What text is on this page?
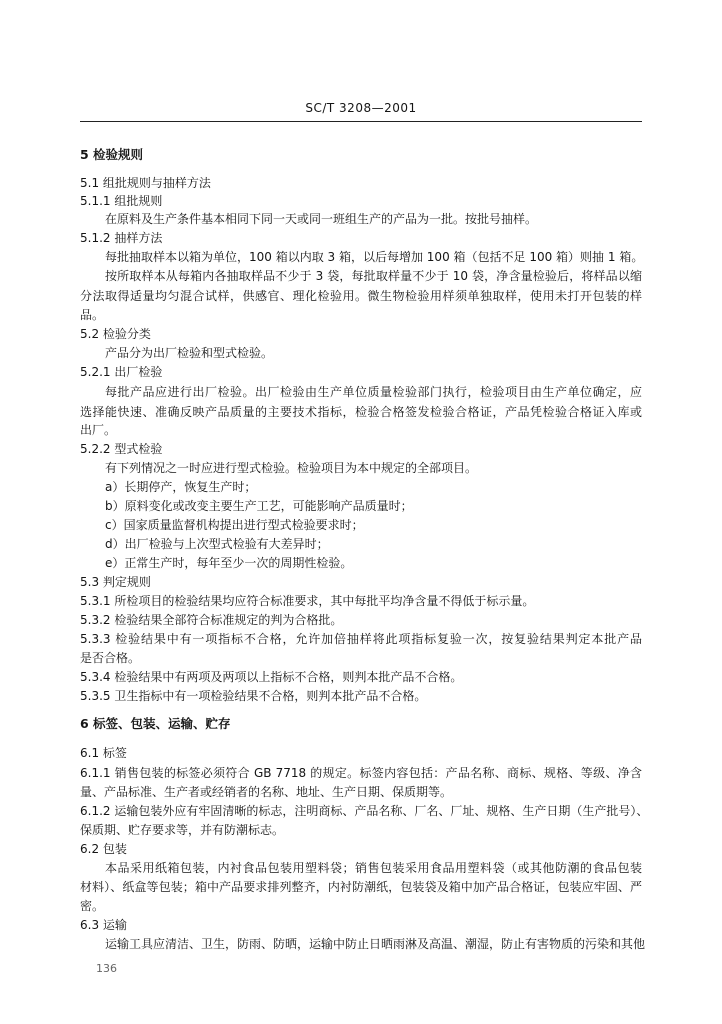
SC/T 3208—2001
5 检验规则
5.1 组批规则与抽样方法
5.1.1 组批规则
在原料及生产条件基本相同下同一天或同一班组生产的产品为一批。按批号抽样。
5.1.2 抽样方法
每批抽取样本以箱为单位，100 箱以内取 3 箱，以后每增加 100 箱（包括不足 100 箱）则抽 1 箱。
按所取样本从每箱内各抽取样品不少于 3 袋，每批取样量不少于 10 袋，净含量检验后，将样品以缩
分法取得适量均匀混合试样，供感官、理化检验用。微生物检验用样须单独取样，使用未打开包装的样
品。
5.2 检验分类
产品分为出厂检验和型式检验。
5.2.1 出厂检验
每批产品应进行出厂检验。出厂检验由生产单位质量检验部门执行，检验项目由生产单位确定，应
选择能快速、准确反映产品质量的主要技术指标，检验合格签发检验合格证，产品凭检验合格证入库或
出厂。
5.2.2 型式检验
有下列情况之一时应进行型式检验。检验项目为本中规定的全部项目。
a）长期停产，恢复生产时；
b）原料变化或改变主要生产工艺，可能影响产品质量时；
c）国家质量监督机构提出进行型式检验要求时；
d）出厂检验与上次型式检验有大差异时；
e）正常生产时，每年至少一次的周期性检验。
5.3 判定规则
5.3.1 所检项目的检验结果均应符合标准要求，其中每批平均净含量不得低于标示量。
5.3.2 检验结果全部符合标准规定的判为合格批。
5.3.3 检验结果中有一项指标不合格，允许加倍抽样将此项指标复验一次，按复验结果判定本批产品
是否合格。
5.3.4 检验结果中有两项及两项以上指标不合格，则判本批产品不合格。
5.3.5 卫生指标中有一项检验结果不合格，则判本批产品不合格。
6 标签、包装、运输、贮存
6.1 标签
6.1.1 销售包装的标签必须符合 GB 7718 的规定。标签内容包括：产品名称、商标、规格、等级、净含
量、产品标准、生产者或经销者的名称、地址、生产日期、保质期等。
6.1.2 运输包装外应有牢固清晰的标志，注明商标、产品名称、厂名、厂址、规格、生产日期（生产批号）、
保质期、贮存要求等，并有防潮标志。
6.2 包装
本品采用纸箱包装，内衬食品包装用塑料袋；销售包装采用食品用塑料袋（或其他防潮的食品包装
材料）、纸盒等包装；箱中产品要求排列整齐，内衬防潮纸，包装袋及箱中加产品合格证，包装应牢固、严
密。
6.3 运输
运输工具应清洁、卫生，防雨、防晒，运输中防止日晒雨淋及高温、潮湿，防止有害物质的污染和其他
136
